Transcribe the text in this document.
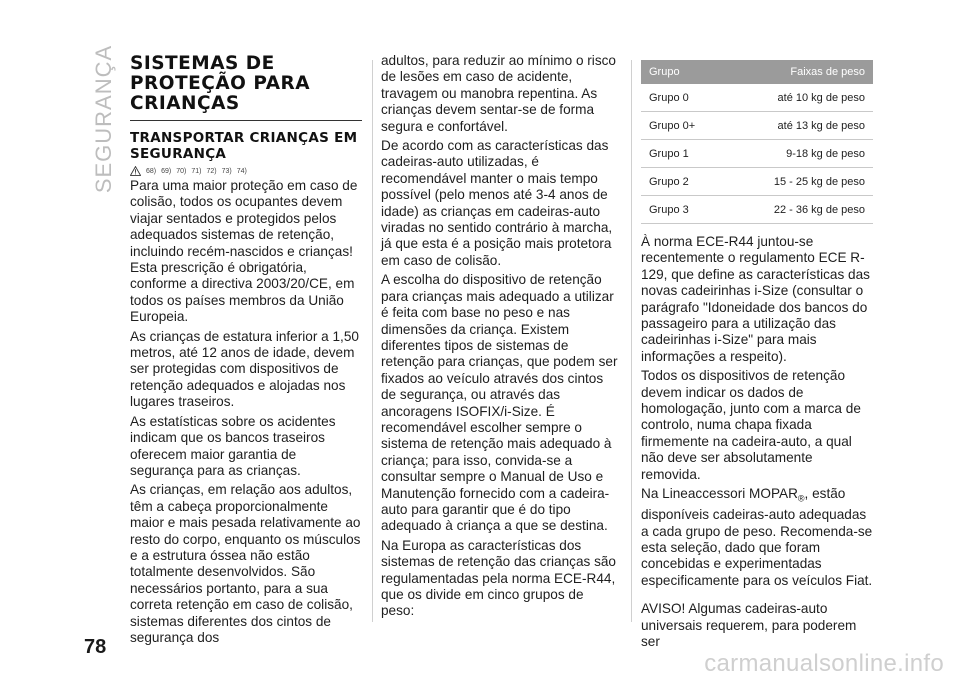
SEGURANÇA
78
SISTEMAS DE PROTEÇÃO PARA CRIANÇAS
TRANSPORTAR CRIANÇAS EM SEGURANÇA
68) 69) 70) 71) 72) 73) 74)

Para uma maior proteção em caso de colisão, todos os ocupantes devem viajar sentados e protegidos pelos adequados sistemas de retenção, incluindo recém-nascidos e crianças! Esta prescrição é obrigatória, conforme a directiva 2003/20/CE, em todos os países membros da União Europeia.

As crianças de estatura inferior a 1,50 metros, até 12 anos de idade, devem ser protegidas com dispositivos de retenção adequados e alojadas nos lugares traseiros.

As estatísticas sobre os acidentes indicam que os bancos traseiros oferecem maior garantia de segurança para as crianças.

As crianças, em relação aos adultos, têm a cabeça proporcionalmente maior e mais pesada relativamente ao resto do corpo, enquanto os músculos e a estrutura óssea não estão totalmente desenvolvidos. São necessários portanto, para a sua correta retenção em caso de colisão, sistemas diferentes dos cintos de segurança dos

adultos, para reduzir ao mínimo o risco de lesões em caso de acidente, travagem ou manobra repentina. As crianças devem sentar-se de forma segura e confortável.

De acordo com as características das cadeiras-auto utilizadas, é recomendável manter o mais tempo possível (pelo menos até 3-4 anos de idade) as crianças em cadeiras-auto viradas no sentido contrário à marcha, já que esta é a posição mais protetora em caso de colisão.

A escolha do dispositivo de retenção para crianças mais adequado a utilizar é feita com base no peso e nas dimensões da criança. Existem diferentes tipos de sistemas de retenção para crianças, que podem ser fixados ao veículo através dos cintos de segurança, ou através das ancoragens ISOFIX/i-Size. É recomendável escolher sempre o sistema de retenção mais adequado à criança; para isso, convida-se a consultar sempre o Manual de Uso e Manutenção fornecido com a cadeira-auto para garantir que é do tipo adequado à criança a que se destina.

Na Europa as características dos sistemas de retenção das crianças são regulamentadas pela norma ECE-R44, que os divide em cinco grupos de peso:

Grupo	Faixas de peso
Grupo 0	até 10 kg de peso
Grupo 0+	até 13 kg de peso
Grupo 1	9-18 kg de peso
Grupo 2	15 - 25 kg de peso
Grupo 3	22 - 36 kg de peso

À norma ECE-R44 juntou-se recentemente o regulamento ECE R-129, que define as características das novas cadeirinhas i-Size (consultar o parágrafo "Idoneidade dos bancos do passageiro para a utilização das cadeirinhas i-Size" para mais informações a respeito).

Todos os dispositivos de retenção devem indicar os dados de homologação, junto com a marca de controlo, numa chapa fixada firmemente na cadeira-auto, a qual não deve ser absolutamente removida.

Na Lineaccessori $MOPAR_®$, estão disponíveis cadeiras-auto adequadas a cada grupo de peso. Recomenda-se esta seleção, dado que foram concebidas e experimentadas especificamente para os veículos Fiat.

AVISO! Algumas cadeiras-auto universais requerem, para poderem ser

carmanualsonline.info
